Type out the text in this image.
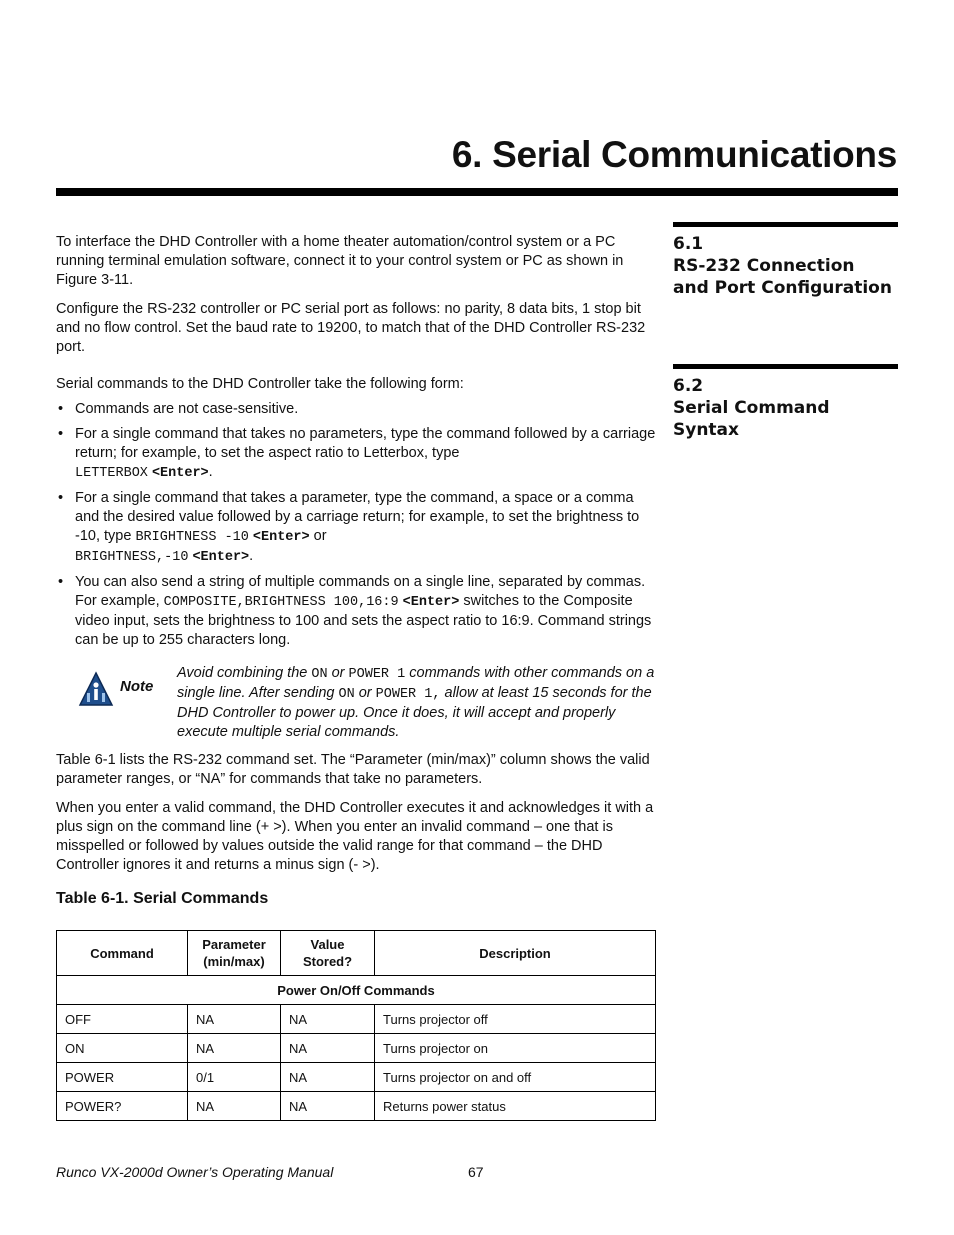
6. Serial Communications
6.1
RS-232 Connection
and Port Configuration
6.2
Serial Command
Syntax

To interface the DHD Controller with a home theater automation/control system or a PC running terminal emulation software, connect it to your control system or PC as shown in Figure 3-11.

Configure the RS-232 controller or PC serial port as follows: no parity, 8 data bits, 1 stop bit and no flow control. Set the baud rate to 19200, to match that of the DHD Controller RS-232 port.

Serial commands to the DHD Controller take the following form:

• Commands are not case-sensitive.
• For a single command that takes no parameters, type the command followed by a carriage return; for example, to set the aspect ratio to Letterbox, type
LETTERBOX <Enter>.
• For a single command that takes a parameter, type the command, a space or a comma and the desired value followed by a carriage return; for example, to set the brightness to -10, type BRIGHTNESS -10 <Enter> or
BRIGHTNESS,-10 <Enter>.
• You can also send a string of multiple commands on a single line, separated by commas. For example, COMPOSITE,BRIGHTNESS 100,16:9 <Enter> switches to the Composite video input, sets the brightness to 100 and sets the aspect ratio to 16:9. Command strings can be up to 255 characters long.
Note
Avoid combining the ON or POWER 1 commands with other commands on a single line. After sending ON or POWER 1, allow at least 15 seconds for the DHD Controller to power up. Once it does, it will accept and properly execute multiple serial commands.

Table 6-1 lists the RS-232 command set. The “Parameter (min/max)” column shows the valid parameter ranges, or “NA” for commands that take no parameters.

When you enter a valid command, the DHD Controller executes it and acknowledges it with a plus sign on the command line (+ >). When you enter an invalid command – one that is misspelled or followed by values outside the valid range for that command – the DHD Controller ignores it and returns a minus sign (- >).

Table 6-1. Serial Commands
Command	Parameter (min/max)	Value Stored?	Description
Power On/Off Commands			
OFF	NA	NA	Turns projector off
ON	NA	NA	Turns projector on
POWER	0/1	NA	Turns projector on and off
POWER?	NA	NA	Returns power status
Runco VX-2000d Owner’s Operating Manual	67
